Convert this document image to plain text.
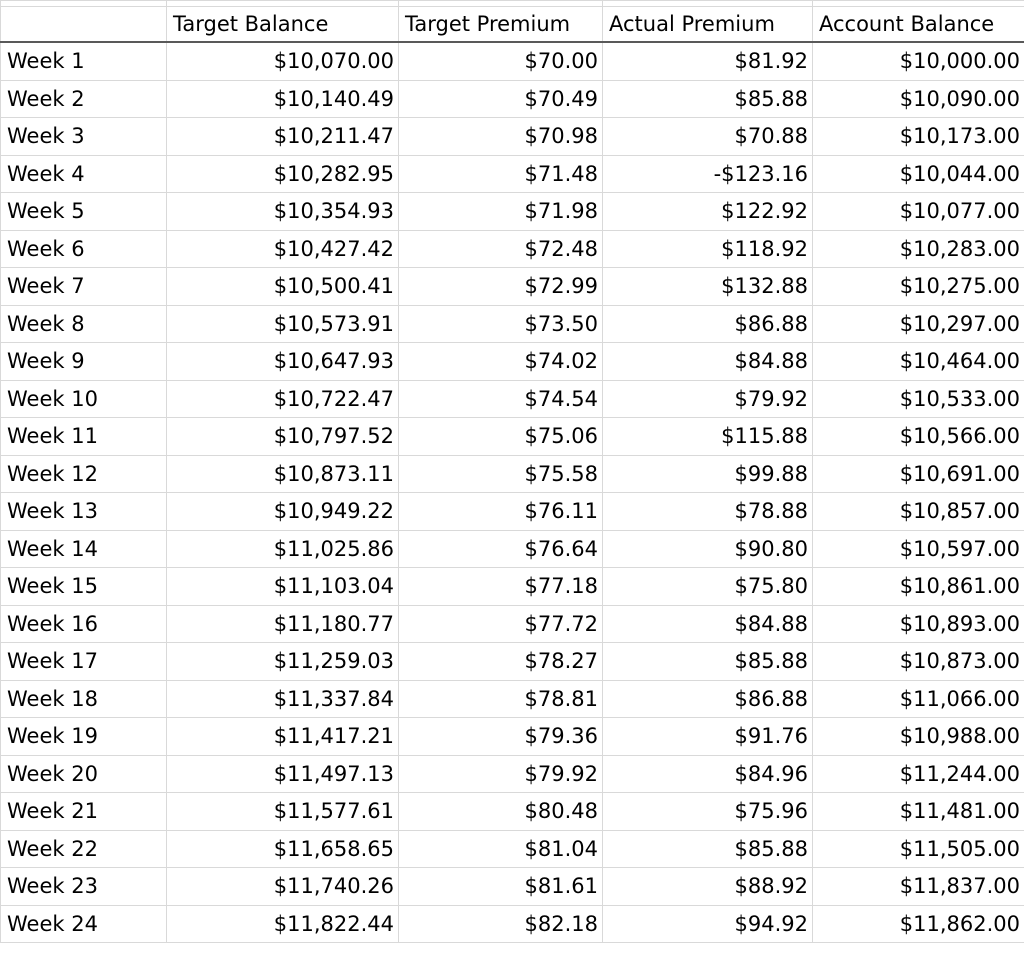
	Target Balance	Target Premium	Actual Premium	Account Balance
Week 1	$10,070.00	$70.00	$81.92	$10,000.00
Week 2	$10,140.49	$70.49	$85.88	$10,090.00
Week 3	$10,211.47	$70.98	$70.88	$10,173.00
Week 4	$10,282.95	$71.48	-$123.16	$10,044.00
Week 5	$10,354.93	$71.98	$122.92	$10,077.00
Week 6	$10,427.42	$72.48	$118.92	$10,283.00
Week 7	$10,500.41	$72.99	$132.88	$10,275.00
Week 8	$10,573.91	$73.50	$86.88	$10,297.00
Week 9	$10,647.93	$74.02	$84.88	$10,464.00
Week 10	$10,722.47	$74.54	$79.92	$10,533.00
Week 11	$10,797.52	$75.06	$115.88	$10,566.00
Week 12	$10,873.11	$75.58	$99.88	$10,691.00
Week 13	$10,949.22	$76.11	$78.88	$10,857.00
Week 14	$11,025.86	$76.64	$90.80	$10,597.00
Week 15	$11,103.04	$77.18	$75.80	$10,861.00
Week 16	$11,180.77	$77.72	$84.88	$10,893.00
Week 17	$11,259.03	$78.27	$85.88	$10,873.00
Week 18	$11,337.84	$78.81	$86.88	$11,066.00
Week 19	$11,417.21	$79.36	$91.76	$10,988.00
Week 20	$11,497.13	$79.92	$84.96	$11,244.00
Week 21	$11,577.61	$80.48	$75.96	$11,481.00
Week 22	$11,658.65	$81.04	$85.88	$11,505.00
Week 23	$11,740.26	$81.61	$88.92	$11,837.00
Week 24	$11,822.44	$82.18	$94.92	$11,862.00
